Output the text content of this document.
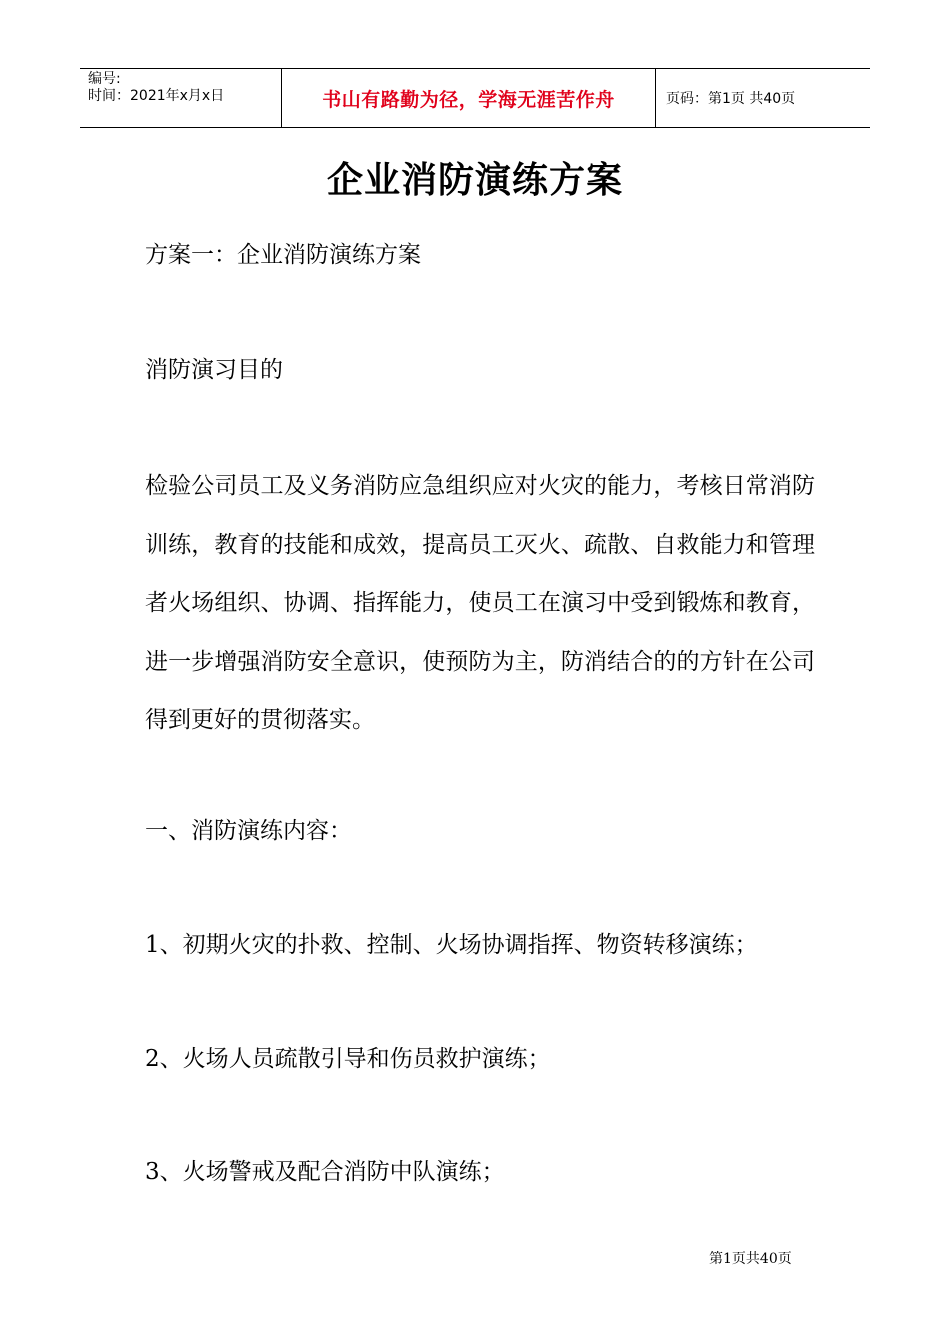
编号:
时间：2021年x月x日	书山有路勤为径，学海无涯苦作舟	页码：第1页 共40页
企业消防演练方案

方案一：企业消防演练方案

消防演习目的

检验公司员工及义务消防应急组织应对火灾的能力，考核日常消防训练，教育的技能和成效，提高员工灭火、疏散、自救能力和管理者火场组织、协调、指挥能力，使员工在演习中受到锻炼和教育，进一步增强消防安全意识，使预防为主，防消结合的的方针在公司得到更好的贯彻落实。

一、消防演练内容：

1、初期火灾的扑救、控制、火场协调指挥、物资转移演练；

2、火场人员疏散引导和伤员救护演练；

3、火场警戒及配合消防中队演练；

第1页共40页
